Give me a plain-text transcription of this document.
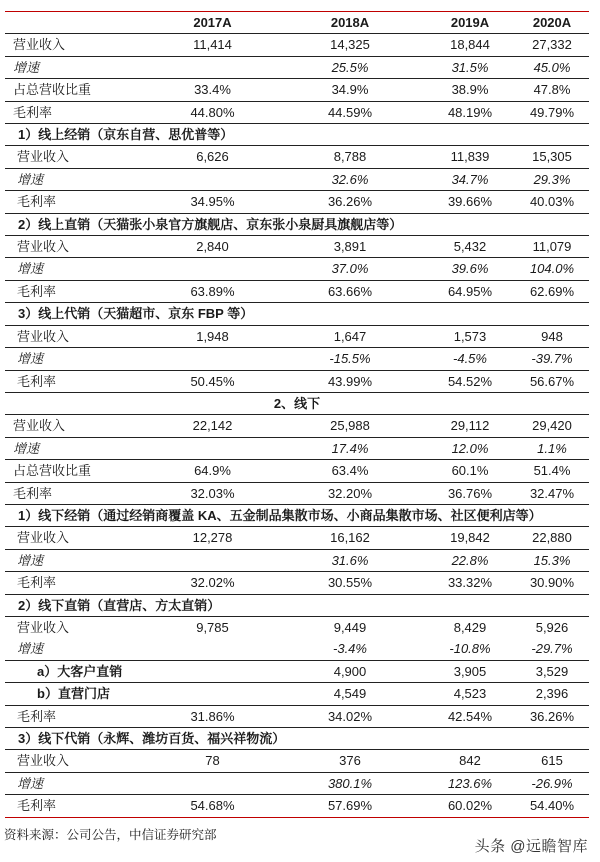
	2017A	2018A	2019A	2020A
营业收入	11,414	14,325	18,844	27,332
增速		25.5%	31.5%	45.0%
占总营收比重	33.4%	34.9%	38.9%	47.8%
毛利率	44.80%	44.59%	48.19%	49.79%
1）线上经销（京东自营、思优普等）				
营业收入	6,626	8,788	11,839	15,305
增速		32.6%	34.7%	29.3%
毛利率	34.95%	36.26%	39.66%	40.03%
2）线上直销（天猫张小泉官方旗舰店、京东张小泉厨具旗舰店等）				
营业收入	2,840	3,891	5,432	11,079
增速		37.0%	39.6%	104.0%
毛利率	63.89%	63.66%	64.95%	62.69%
3）线上代销（天猫超市、京东 FBP 等）				
营业收入	1,948	1,647	1,573	948
增速		-15.5%	-4.5%	-39.7%
毛利率	50.45%	43.99%	54.52%	56.67%
2、线下				
营业收入	22,142	25,988	29,112	29,420
增速		17.4%	12.0%	1.1%
占总营收比重	64.9%	63.4%	60.1%	51.4%
毛利率	32.03%	32.20%	36.76%	32.47%
1）线下经销（通过经销商覆盖 KA、五金制品集散市场、小商品集散市场、社区便利店等）				
营业收入	12,278	16,162	19,842	22,880
增速		31.6%	22.8%	15.3%
毛利率	32.02%	30.55%	33.32%	30.90%
2）线下直销（直营店、方太直销）				
营业收入	9,785	9,449	8,429	5,926
增速		-3.4%	-10.8%	-29.7%
a）大客户直销		4,900	3,905	3,529
b）直营门店		4,549	4,523	2,396
毛利率	31.86%	34.02%	42.54%	36.26%
3）线下代销（永辉、潍坊百货、福兴祥物流）				
营业收入	78	376	842	615
增速		380.1%	123.6%	-26.9%
毛利率	54.68%	57.69%	60.02%	54.40%
资料来源：公司公告，中信证券研究部
头条 @远瞻智库
